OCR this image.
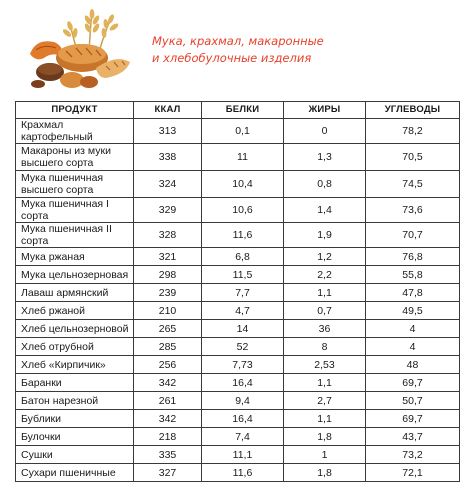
Мука, крахмал, макаронные
и хлебобулочные изделия
ПРОДУКТ	ККАЛ	БЕЛКИ	ЖИРЫ	УГЛЕВОДЫ
Крахмал картофельный	313	0,1	0	78,2
Макароны из муки высшего сорта	338	11	1,3	70,5
Мука пшеничная высшего сорта	324	10,4	0,8	74,5
Мука пшеничная I сорта	329	10,6	1,4	73,6
Мука пшеничная II сорта	328	11,6	1,9	70,7
Мука ржаная	321	6,8	1,2	76,8
Мука цельнозерновая	298	11,5	2,2	55,8
Лаваш армянский	239	7,7	1,1	47,8
Хлеб ржаной	210	4,7	0,7	49,5
Хлеб цельнозерновой	265	14	36	4
Хлеб отрубной	285	52	8	4
Хлеб «Кирпичик»	256	7,73	2,53	48
Баранки	342	16,4	1,1	69,7
Батон нарезной	261	9,4	2,7	50,7
Бублики	342	16,4	1,1	69,7
Булочки	218	7,4	1,8	43,7
Сушки	335	11,1	1	73,2
Сухари пшеничные	327	11,6	1,8	72,1
